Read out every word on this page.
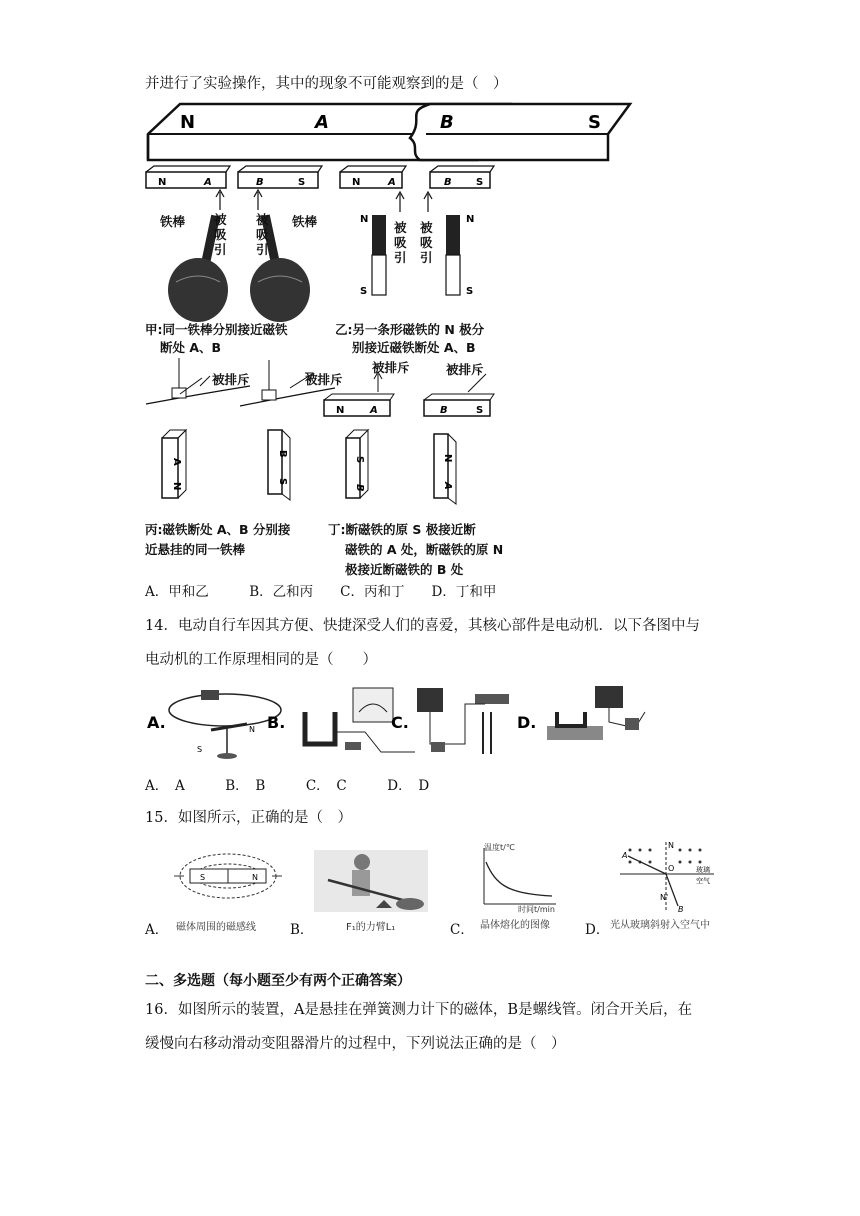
并进行了实验操作，其中的现象不可能观察到的是（　）
N	A	B	S
N	A	B	S	N	A	B S
N
S
N
S
铁棒	铁棒
被
吸
引
被
吸
引
被
吸
引
被
吸
引
甲:同一铁棒分别接近磁铁
断处 A、B
乙:另一条形磁铁的 N 极分
别接近磁铁断处 A、B
N	A	B	S
A
N
B
S
S
B
N
A
被排斥	被排斥
被排斥	被排斥
丙:磁铁断处 A、B 分别接
近悬挂的同一铁棒
丁:断磁铁的原 S 极接近断
磁铁的 A 处，断磁铁的原 N
极接近断磁铁的 B 处
A．甲和乙　　　B．乙和丙　　C．丙和丁　　D．丁和甲
14．电动自行车因其方便、快捷深受人们的喜爱，其核心部件是电动机．以下各图中与
电动机的工作原理相同的是（　　）
A.
S
N B.	C.	D.
A．　A　　　B．　B　　　C．　C　　　D．　D
15．如图所示，正确的是（　）
A．
S	N
磁体周围的磁感线	B．	F₁的力臂L₁	C．
温度t/℃
时间t/min
晶体熔化的图像	D．
A
N
O
N'
B
玻璃
空气
光从玻璃斜射入空气中
二、多选题（每小题至少有两个正确答案）
16．如图所示的装置，A是悬挂在弹簧测力计下的磁体，B是螺线管。闭合开关后，在
缓慢向右移动滑动变阻器滑片的过程中，下列说法正确的是（　）
